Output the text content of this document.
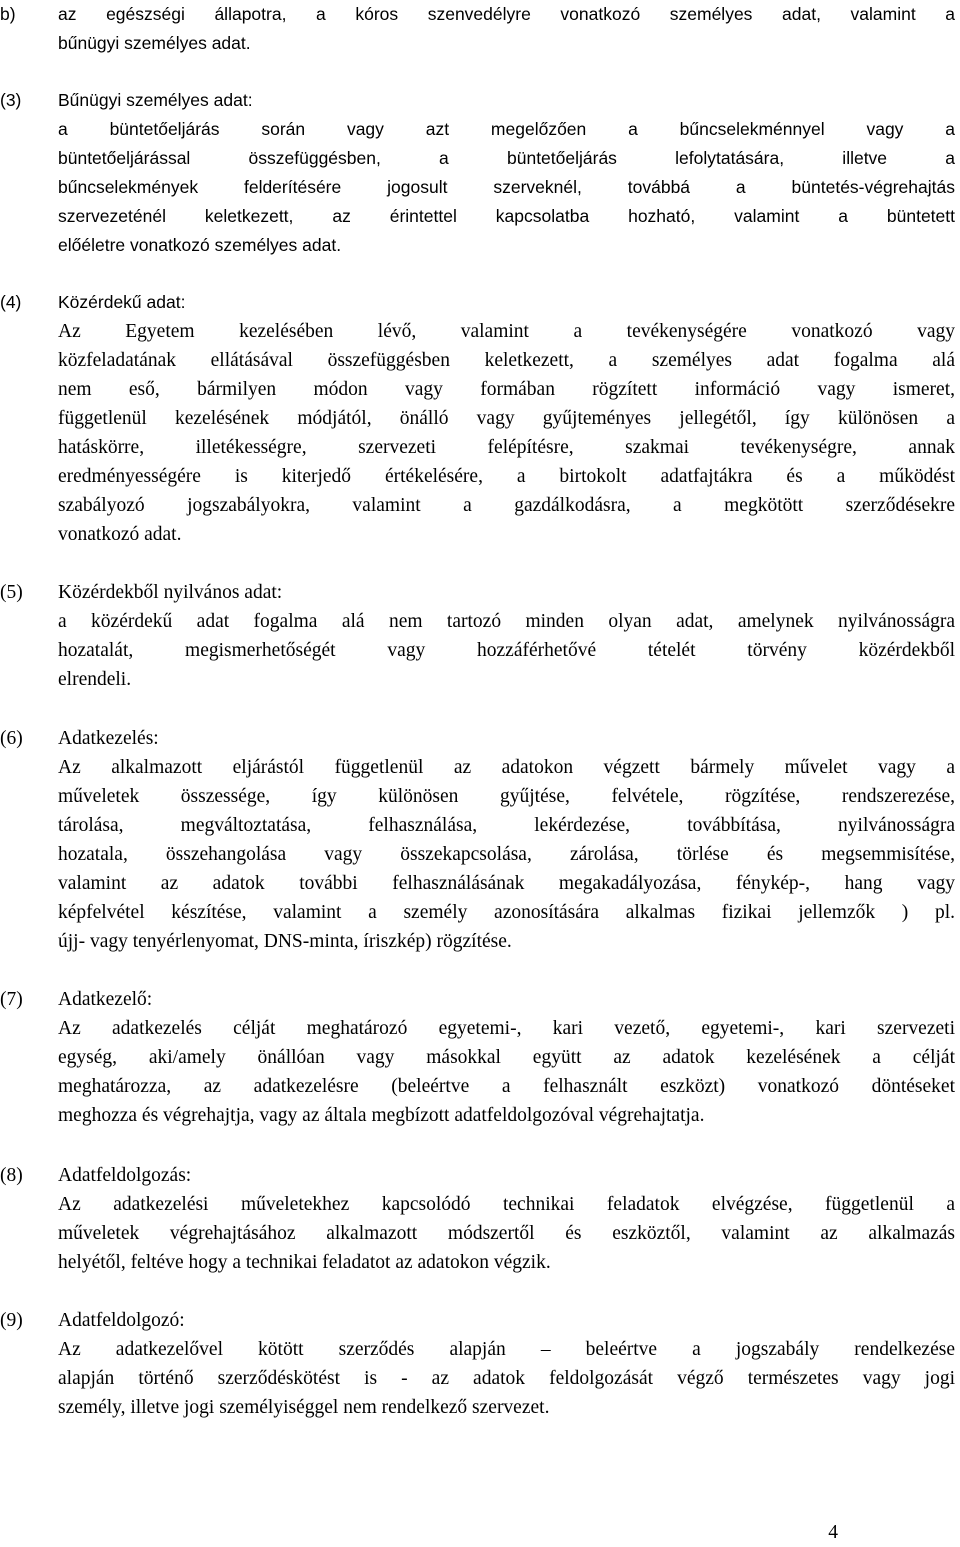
b)	az egészségi állapotra, a kóros szenvedélyre vonatkozó személyes adat, valamint a
bűnügyi személyes adat.
(3)	Bűnügyi személyes adat:
a büntetőeljárás során vagy azt megelőzően a bűncselekménnyel vagy a
büntetőeljárással összefüggésben, a büntetőeljárás lefolytatására, illetve a
bűncselekmények felderítésére jogosult szerveknél, továbbá a büntetés-végrehajtás
szervezeténél keletkezett, az érintettel kapcsolatba hozható, valamint a büntetett
előéletre vonatkozó személyes adat.
(4)	Közérdekű adat:
Az Egyetem kezelésében lévő, valamint a tevékenységére vonatkozó vagy
közfeladatának ellátásával összefüggésben keletkezett, a személyes adat fogalma alá
nem eső, bármilyen módon vagy formában rögzített információ vagy ismeret,
függetlenül kezelésének módjától, önálló vagy gyűjteményes jellegétől, így különösen a
hatáskörre, illetékességre, szervezeti felépítésre, szakmai tevékenységre, annak
eredményességére is kiterjedő értékelésére, a birtokolt adatfajtákra és a működést
szabályozó jogszabályokra, valamint a gazdálkodásra, a megkötött szerződésekre
vonatkozó adat.
(5)	Közérdekből nyilvános adat:
a közérdekű adat fogalma alá nem tartozó minden olyan adat, amelynek nyilvánosságra
hozatalát, megismerhetőségét vagy hozzáférhetővé tételét törvény közérdekből
elrendeli.
(6)	Adatkezelés:
Az alkalmazott eljárástól függetlenül az adatokon végzett bármely művelet vagy a
műveletek összessége, így különösen gyűjtése, felvétele, rögzítése, rendszerezése,
tárolása, megváltoztatása, felhasználása, lekérdezése, továbbítása, nyilvánosságra
hozatala, összehangolása vagy összekapcsolása, zárolása, törlése és megsemmisítése,
valamint az adatok további felhasználásának megakadályozása, fénykép-, hang vagy
képfelvétel készítése, valamint a személy azonosítására alkalmas fizikai jellemzők ) pl.
újj- vagy tenyérlenyomat, DNS-minta, íriszkép) rögzítése.
(7)	Adatkezelő:
Az adatkezelés célját meghatározó egyetemi-, kari vezető, egyetemi-, kari szervezeti
egység, aki/amely önállóan vagy másokkal együtt az adatok kezelésének a célját
meghatározza, az adatkezelésre (beleértve a felhasznált eszközt) vonatkozó döntéseket
meghozza és végrehajtja, vagy az általa megbízott adatfeldolgozóval végrehajtatja.
(8)	Adatfeldolgozás:
Az adatkezelési műveletekhez kapcsolódó technikai feladatok elvégzése, függetlenül a
műveletek végrehajtásához alkalmazott módszertől és eszköztől, valamint az alkalmazás
helyétől, feltéve hogy a technikai feladatot az adatokon végzik.
(9)	Adatfeldolgozó:
Az adatkezelővel kötött szerződés alapján – beleértve a jogszabály rendelkezése
alapján történő szerződéskötést is - az adatok feldolgozását végző természetes vagy jogi
személy, illetve jogi személyiséggel nem rendelkező szervezet.
4
